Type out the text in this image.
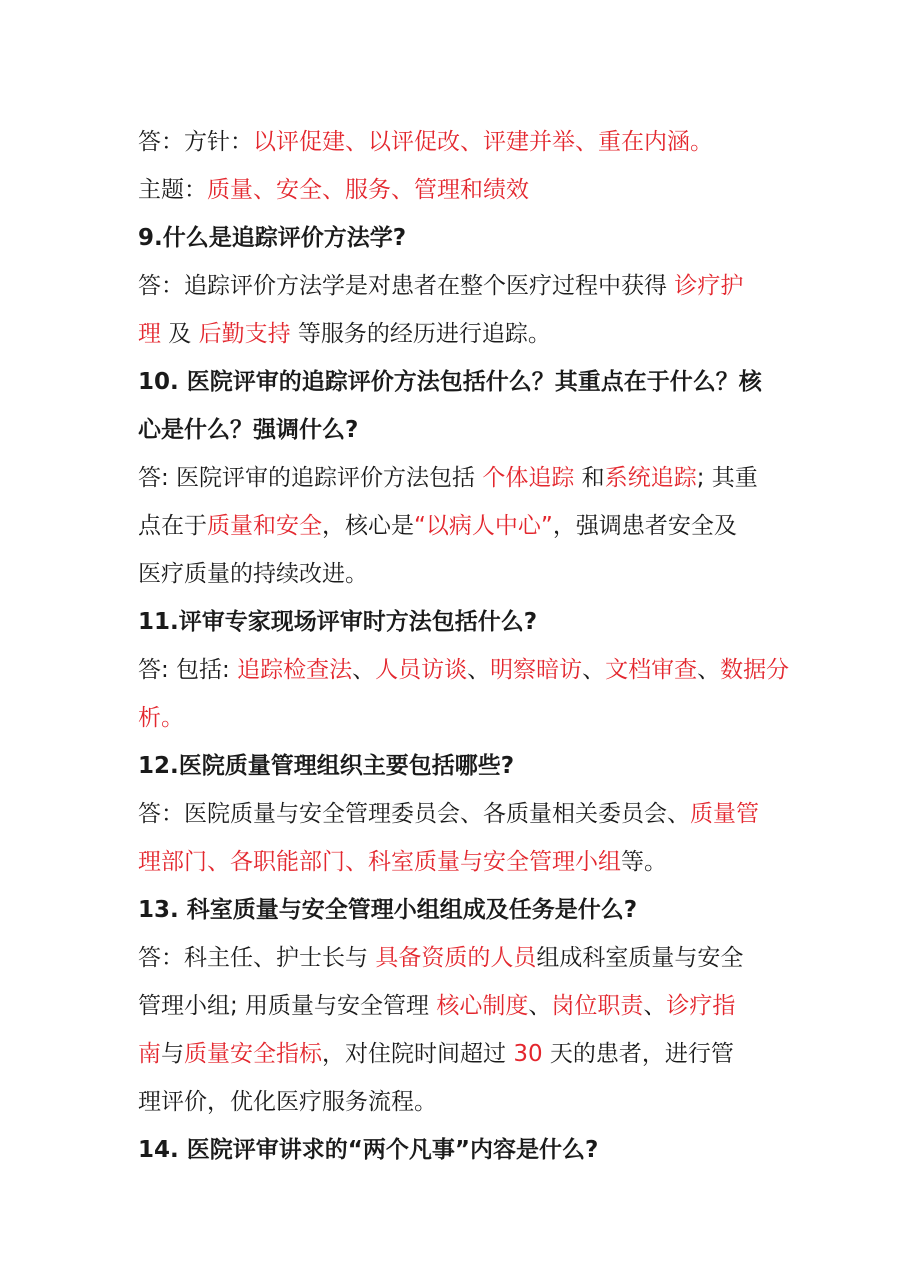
答：方针：以评促建、以评促改、评建并举、重在内涵。
主题：质量、安全、服务、管理和绩效
9.什么是追踪评价方法学?
答：追踪评价方法学是对患者在整个医疗过程中获得 诊疗护
理 及 后勤支持 等服务的经历进行追踪。
10. 医院评审的追踪评价方法包括什么？其重点在于什么？核
心是什么？强调什么?
答: 医院评审的追踪评价方法包括 个体追踪 和系统追踪; 其重
点在于质量和安全，核心是“以病人中心”，强调患者安全及
医疗质量的持续改进。
11.评审专家现场评审时方法包括什么?
答: 包括: 追踪检查法、人员访谈、明察暗访、文档审查、数据分
析。
12.医院质量管理组织主要包括哪些?
答：医院质量与安全管理委员会、各质量相关委员会、质量管
理部门、各职能部门、科室质量与安全管理小组等。
13. 科室质量与安全管理小组组成及任务是什么?
答：科主任、护士长与 具备资质的人员组成科室质量与安全
管理小组; 用质量与安全管理 核心制度、岗位职责、诊疗指
南与质量安全指标，对住院时间超过 30 天的患者，进行管
理评价，优化医疗服务流程。
14. 医院评审讲求的“两个凡事”内容是什么?
